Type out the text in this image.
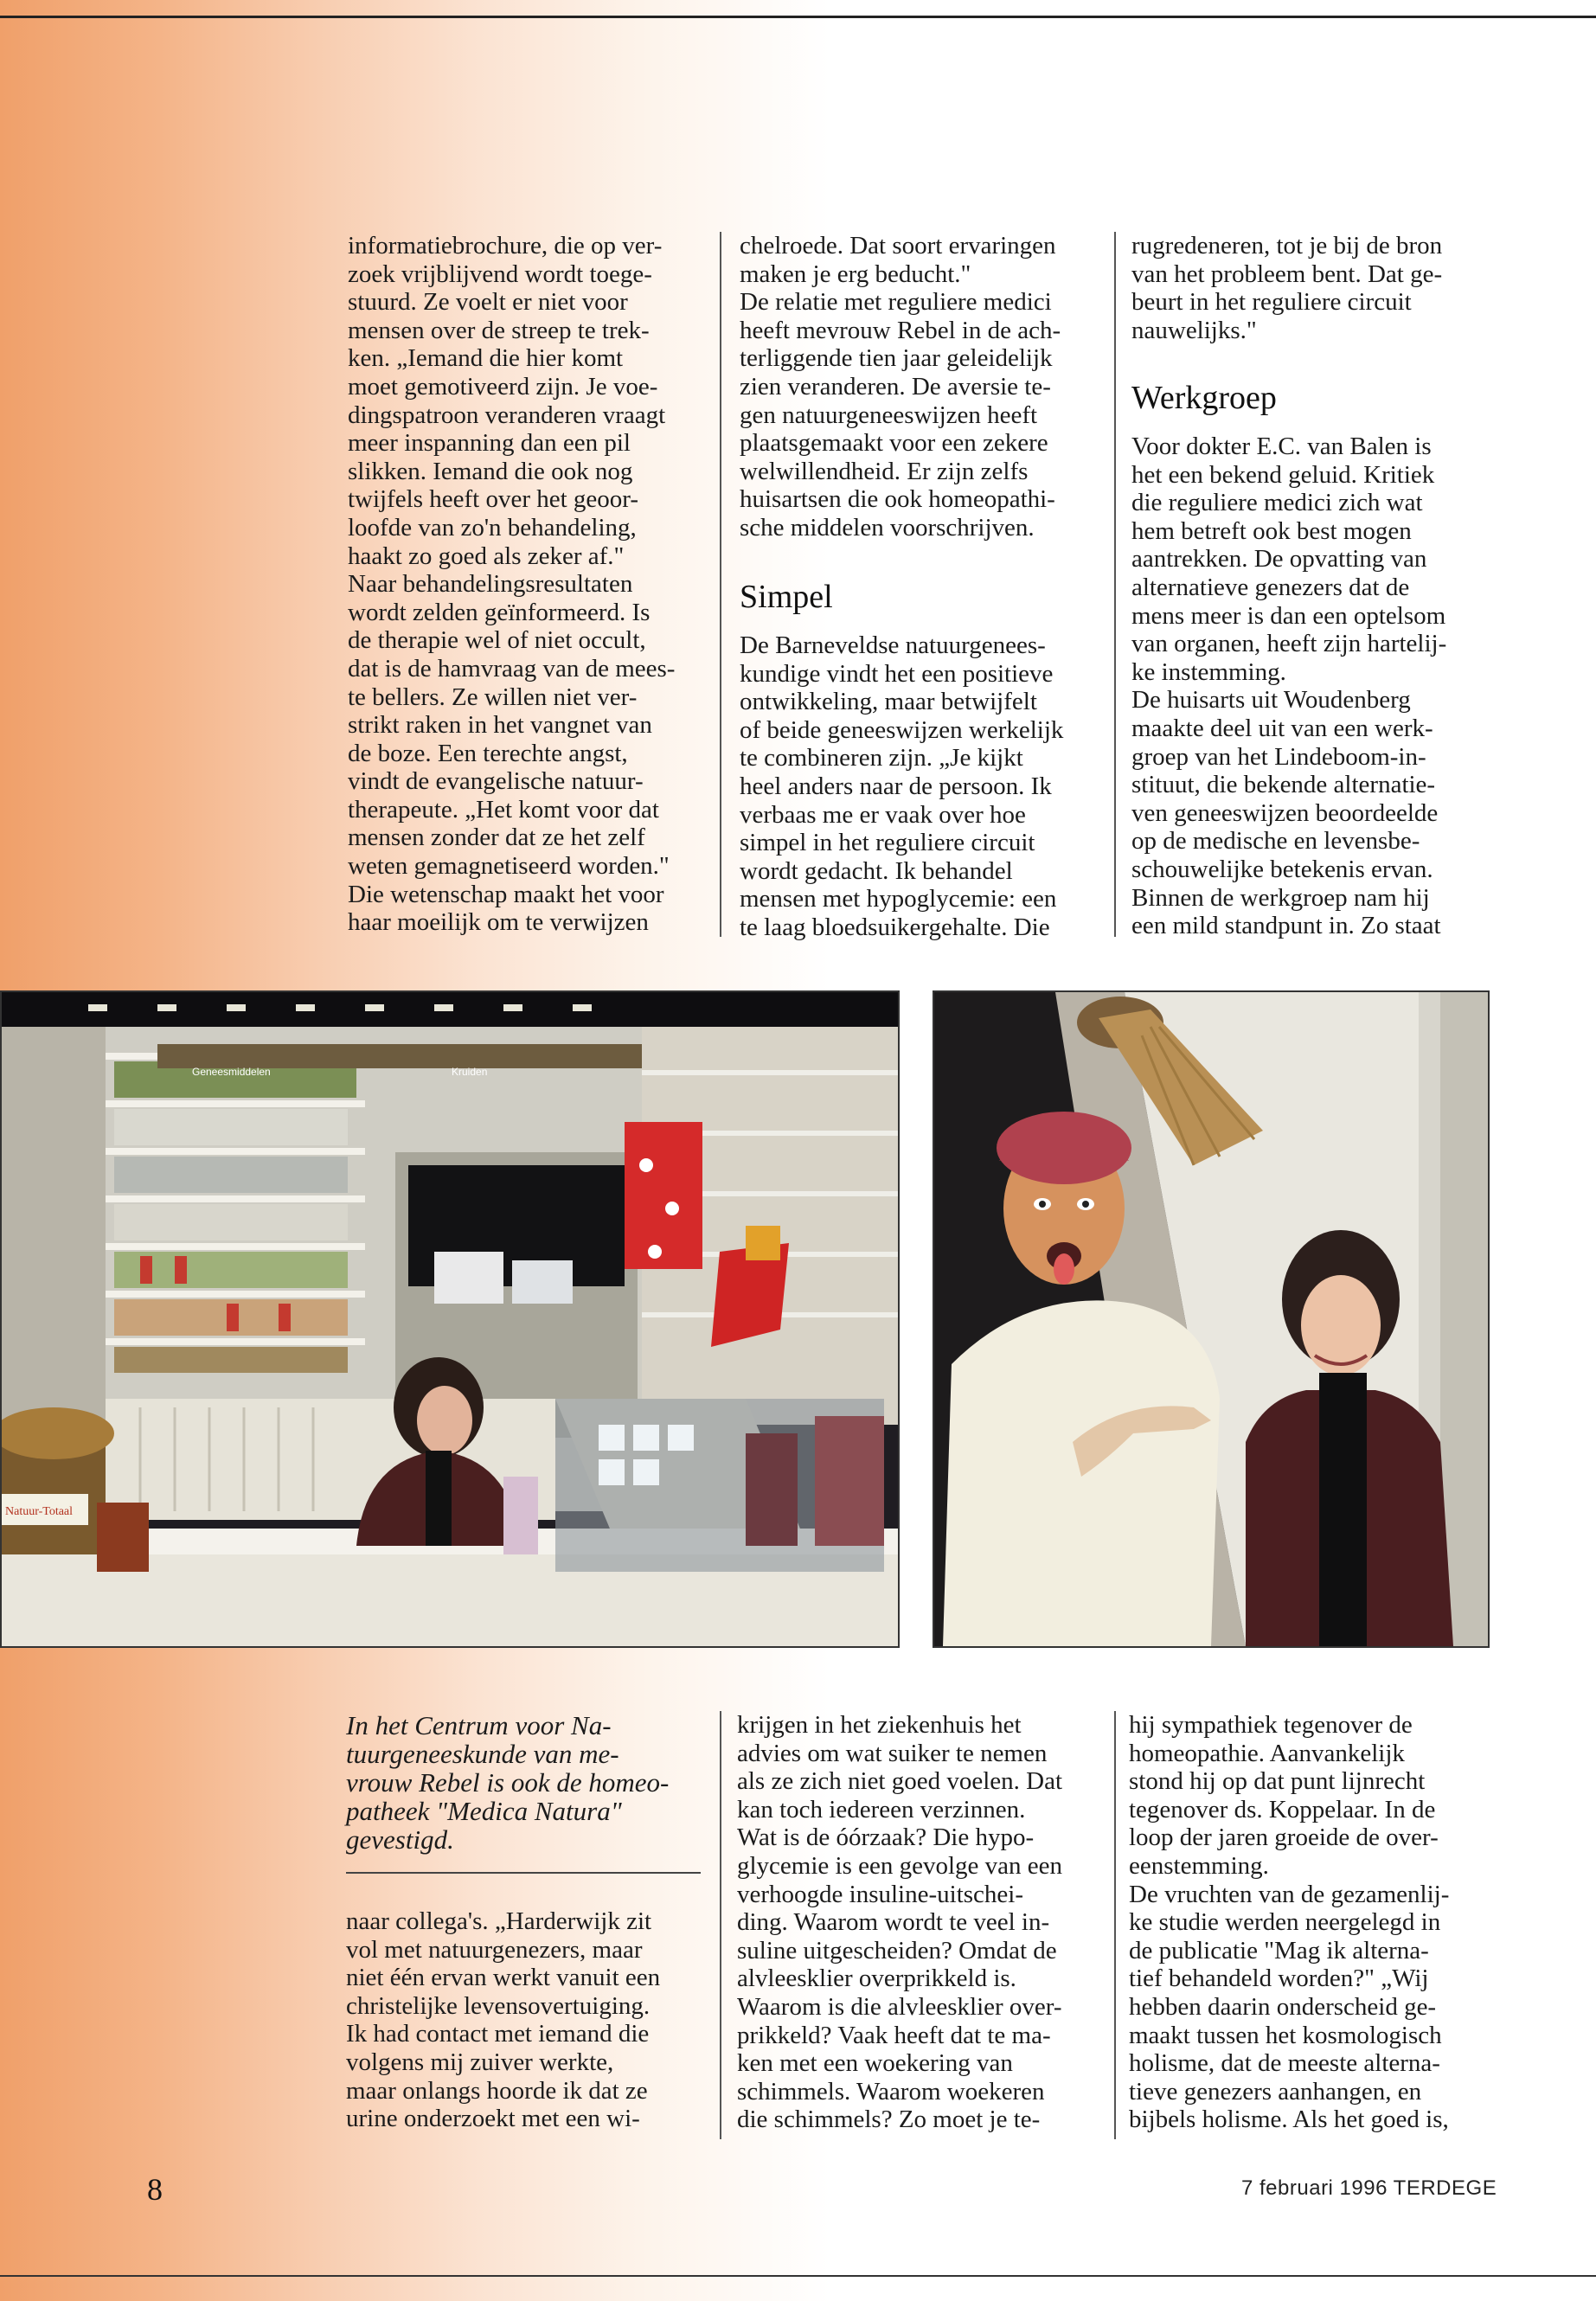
informatiebrochure, die op ver-
zoek vrijblijvend wordt toege-
stuurd. Ze voelt er niet voor
mensen over de streep te trek-
ken. „Iemand die hier komt
moet gemotiveerd zijn. Je voe-
dingspatroon veranderen vraagt
meer inspanning dan een pil
slikken. Iemand die ook nog
twijfels heeft over het geoor-
loofde van zo'n behandeling,
haakt zo goed als zeker af."
Naar behandelingsresultaten
wordt zelden geïnformeerd. Is
de therapie wel of niet occult,
dat is de hamvraag van de mees-
te bellers. Ze willen niet ver-
strikt raken in het vangnet van
de boze. Een terechte angst,
vindt de evangelische natuur-
therapeute. „Het komt voor dat
mensen zonder dat ze het zelf
weten gemagnetiseerd worden."
Die wetenschap maakt het voor
haar moeilijk om te verwijzen
chelroede. Dat soort ervaringen
maken je erg beducht."
De relatie met reguliere medici
heeft mevrouw Rebel in de ach-
terliggende tien jaar geleidelijk
zien veranderen. De aversie te-
gen natuurgeneeswijzen heeft
plaatsgemaakt voor een zekere
welwillendheid. Er zijn zelfs
huisartsen die ook homeopathi-
sche middelen voorschrijven.
Simpel
De Barneveldse natuurgenees-
kundige vindt het een positieve
ontwikkeling, maar betwijfelt
of beide geneeswijzen werkelijk
te combineren zijn. „Je kijkt
heel anders naar de persoon. Ik
verbaas me er vaak over hoe
simpel in het reguliere circuit
wordt gedacht. Ik behandel
mensen met hypoglycemie: een
te laag bloedsuikergehalte. Die
rugredeneren, tot je bij de bron
van het probleem bent. Dat ge-
beurt in het reguliere circuit
nauwelijks."
Werkgroep
Voor dokter E.C. van Balen is
het een bekend geluid. Kritiek
die reguliere medici zich wat
hem betreft ook best mogen
aantrekken. De opvatting van
alternatieve genezers dat de
mens meer is dan een optelsom
van organen, heeft zijn hartelij-
ke instemming.
De huisarts uit Woudenberg
maakte deel uit van een werk-
groep van het Lindeboom-in-
stituut, die bekende alternatie-
ven geneeswijzen beoordeelde
op de medische en levensbe-
schouwelijke betekenis ervan.
Binnen de werkgroep nam hij
een mild standpunt in. Zo staat
Natuur-Totaal
Geneesmiddelen	Kruiden
In het Centrum voor Na-
tuurgeneeskunde van me-
vrouw Rebel is ook de homeo-
patheek "Medica Natura"
gevestigd.
naar collega's. „Harderwijk zit
vol met natuurgenezers, maar
niet één ervan werkt vanuit een
christelijke levensovertuiging.
Ik had contact met iemand die
volgens mij zuiver werkte,
maar onlangs hoorde ik dat ze
urine onderzoekt met een wi-
krijgen in het ziekenhuis het
advies om wat suiker te nemen
als ze zich niet goed voelen. Dat
kan toch iedereen verzinnen.
Wat is de óórzaak? Die hypo-
glycemie is een gevolge van een
verhoogde insuline-uitschei-
ding. Waarom wordt te veel in-
suline uitgescheiden? Omdat de
alvleesklier overprikkeld is.
Waarom is die alvleesklier over-
prikkeld? Vaak heeft dat te ma-
ken met een woekering van
schimmels. Waarom woekeren
die schimmels? Zo moet je te-
hij sympathiek tegenover de
homeopathie. Aanvankelijk
stond hij op dat punt lijnrecht
tegenover ds. Koppelaar. In de
loop der jaren groeide de over-
eenstemming.
De vruchten van de gezamenlij-
ke studie werden neergelegd in
de publicatie "Mag ik alterna-
tief behandeld worden?" „Wij
hebben daarin onderscheid ge-
maakt tussen het kosmologisch
holisme, dat de meeste alterna-
tieve genezers aanhangen, en
bijbels holisme. Als het goed is,
8	7 februari 1996 TERDEGE
